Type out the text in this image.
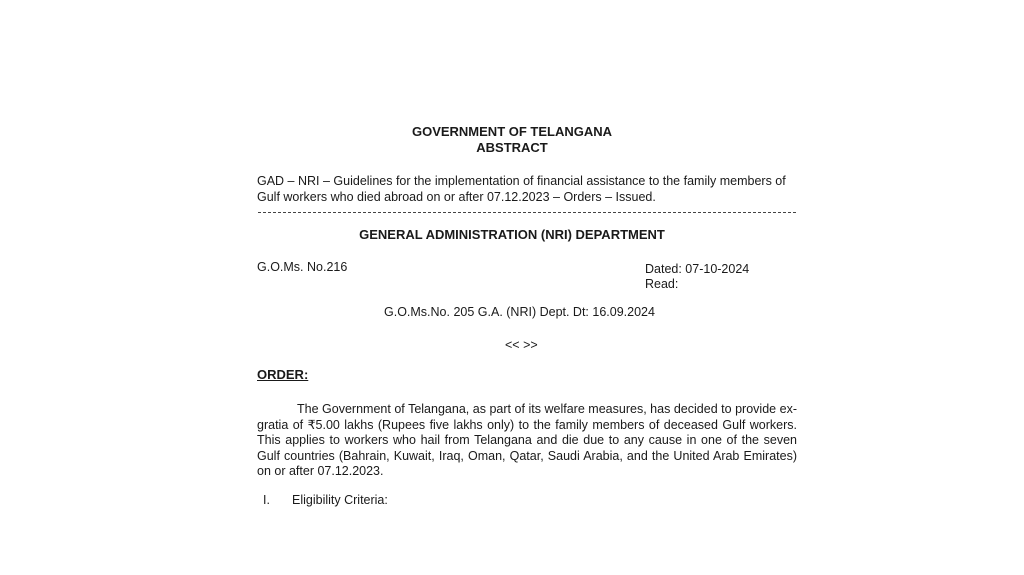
GOVERNMENT OF TELANGANA
ABSTRACT
GAD – NRI – Guidelines for the implementation of financial assistance to the family members of
Gulf workers who died abroad on or after 07.12.2023 – Orders – Issued.
GENERAL ADMINISTRATION (NRI) DEPARTMENT
G.O.Ms. No.216	Dated: 07-10-2024
Read:
G.O.Ms.No. 205 G.A. (NRI) Dept. Dt: 16.09.2024
<< >>
ORDER:
The Government of Telangana, as part of its welfare measures, has decided to provide ex-gratia of ₹5.00 lakhs (Rupees five lakhs only) to the family members of deceased Gulf workers. This applies to workers who hail from Telangana and die due to any cause in one of the seven Gulf countries (Bahrain, Kuwait, Iraq, Oman, Qatar, Saudi Arabia, and the United Arab Emirates) on or after 07.12.2023.
I. Eligibility Criteria:
